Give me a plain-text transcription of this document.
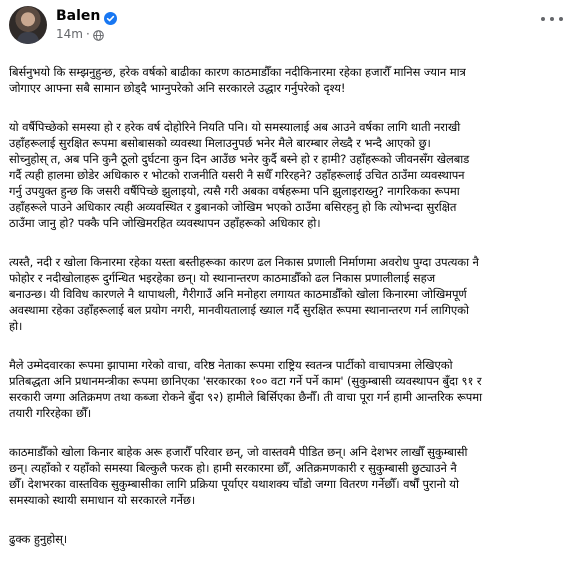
Balen
14m ·

बिर्सनुभयो कि सम्झनुहुन्छ, हरेक वर्षको बाढीका कारण काठमाडौँका नदीकिनारमा रहेका हजारौँ मानिस ज्यान मात्र
जोगाएर आफ्ना सबै सामान छोड्दै भाग्नुपरेको अनि सरकारले उद्धार गर्नुपरेको दृश्य!

यो वर्षैपिच्छेको समस्या हो र हरेक वर्ष दोहोरिने नियति पनि। यो समस्यालाई अब आउने वर्षका लागि थाती नराखी
उहाँहरूलाई सुरक्षित रूपमा बसोबासको व्यवस्था मिलाउनुपर्छ भनेर मैले बारम्बार लेख्दै र भन्दै आएको छु।
सोच्नुहोस् त, अब पनि कुनै ठूलो दुर्घटना कुन दिन आउँछ भनेर कुर्दै बस्ने हो र हामी? उहाँहरूको जीवनसँग खेलबाड
गर्दै त्यही हालमा छोडेर अधिकारु र भोटको राजनीति यसरी नै सधैँ गरिरहने? उहाँहरूलाई उचित ठाउँमा व्यवस्थापन
गर्नु उपयुक्त हुन्छ कि जसरी वर्षैपिच्छे झुलाइयो, त्यसै गरी अबका वर्षहरूमा पनि झुलाइराख्नु? नागरिकका रूपमा
उहाँहरूले पाउने अधिकार त्यही अव्यवस्थित र डुबानको जोखिम भएको ठाउँमा बसिरहनु हो कि त्योभन्दा सुरक्षित
ठाउँमा जानु हो? पक्कै पनि जोखिमरहित व्यवस्थापन उहाँहरूको अधिकार हो।

त्यस्तै, नदी र खोला किनारमा रहेका यस्ता बस्तीहरूका कारण ढल निकास प्रणाली निर्माणमा अवरोध पुग्दा उपत्यका नै
फोहोर र नदीखोलाहरू दुर्गन्धित भइरहेका छन्। यो स्थानान्तरण काठमाडौँको ढल निकास प्रणालीलाई सहज
बनाउन्छ। यी विविध कारणले नै थापाथली, गैरीगाउँ अनि मनोहरा लगायत काठमाडौँको खोला किनारमा जोखिमपूर्ण
अवस्थामा रहेका उहाँहरूलाई बल प्रयोग नगरी, मानवीयतालाई ख्याल गर्दै सुरक्षित रूपमा स्थानान्तरण गर्न लागिएको
हो।

मैले उम्मेदवारका रूपमा झापामा गरेको वाचा, वरिष्ठ नेताका रूपमा राष्ट्रिय स्वतन्त्र पार्टीको वाचापत्रमा लेखिएको
प्रतिबद्धता अनि प्रधानमन्त्रीका रूपमा छानिएका 'सरकारका १०० वटा गर्ने पर्ने काम' (सुकुम्बासी व्यवस्थापन बुँदा ९१ र
सरकारी जग्गा अतिक्रमण तथा कब्जा रोकने बुँदा ९२) हामीले बिर्सिएका छैनौँ। ती वाचा पूरा गर्न हामी आन्तरिक रूपमा
तयारी गरिरहेका छौँ।

काठमाडौँको खोला किनार बाहेक अरू हजारौँ परिवार छन्, जो वास्तवमै पीडित छन्। अनि देशभर लाखौँ सुकुम्बासी
छन्। त्यहाँको र यहाँको समस्या बिल्कुलै फरक हो। हामी सरकारमा छौँ, अतिक्रमणकारी र सुकुम्बासी छुट्याउने नै
छौँ। देशभरका वास्तविक सुकुम्बासीका लागि प्रक्रिया पूर्याएर यथाशक्य चाँडो जग्गा वितरण गर्नेछौँ। वर्षौं पुरानो यो
समस्याको स्थायी समाधान यो सरकारले गर्नेछ।

ढुक्क हुनुहोस्।
